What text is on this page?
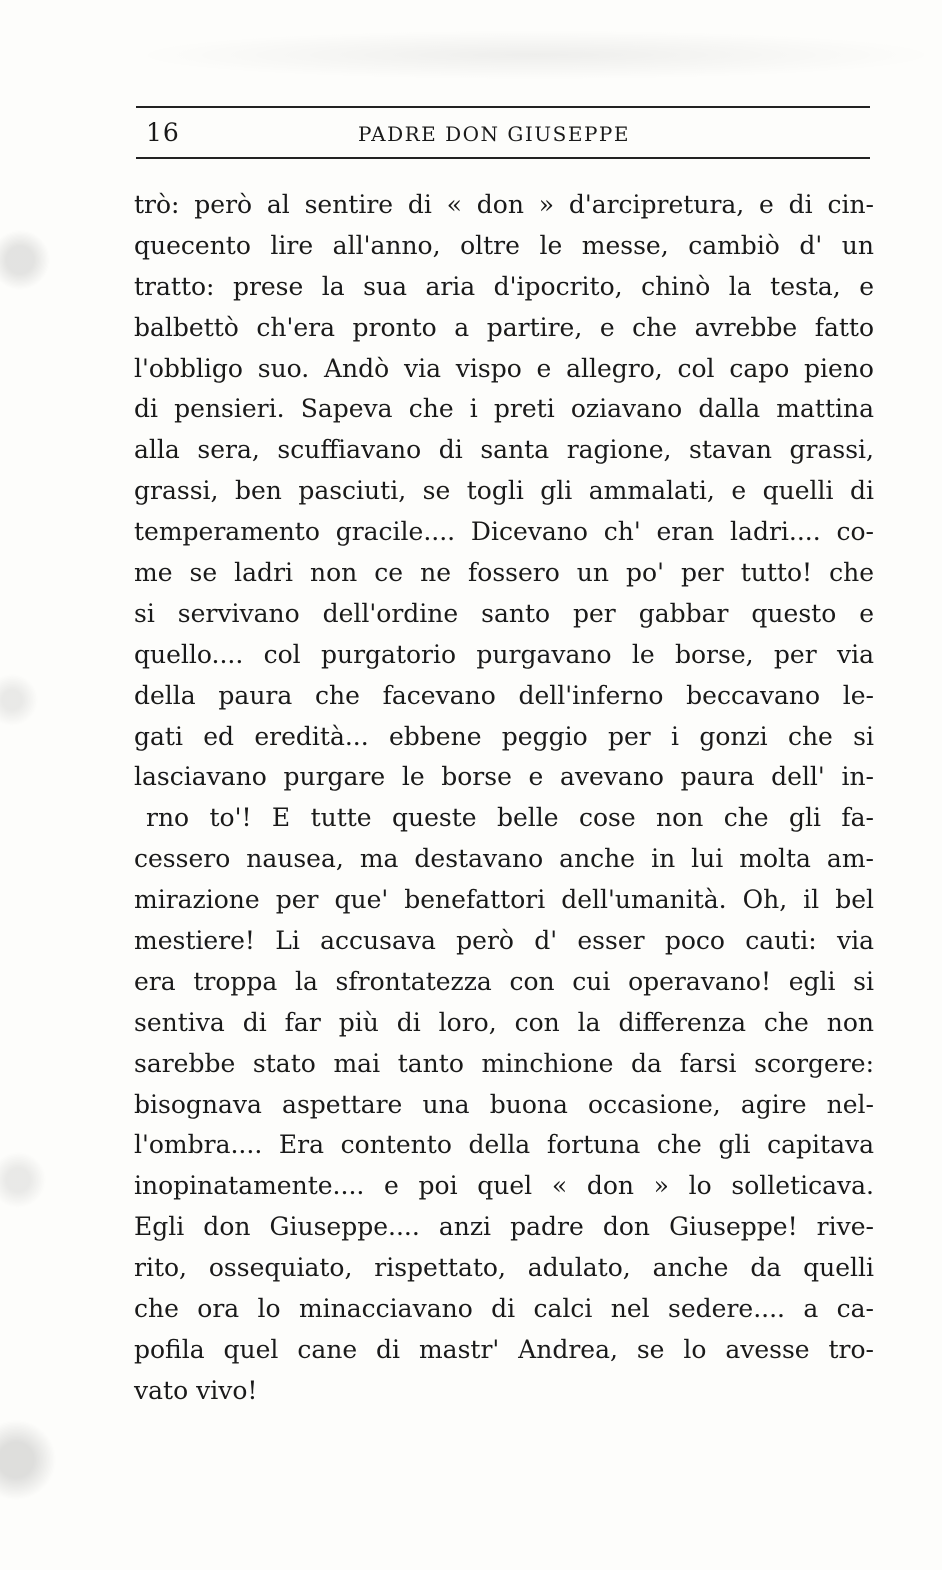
16	PADRE DON GIUSEPPE
trò: però al sentire di « don » d'arcipretura, e di cin-
quecento lire all'anno, oltre le messe, cambiò d' un
tratto: prese la sua aria d'ipocrito, chinò la testa, e
balbettò ch'era pronto a partire, e che avrebbe fatto
l'obbligo suo. Andò via vispo e allegro, col capo pieno
di pensieri. Sapeva che i preti oziavano dalla mattina
alla sera, scuffiavano di santa ragione, stavan grassi,
grassi, ben pasciuti, se togli gli ammalati, e quelli di
temperamento gracile.... Dicevano ch' eran ladri.... co-
me se ladri non ce ne fossero un po' per tutto! che
si servivano dell'ordine santo per gabbar questo e
quello.... col purgatorio purgavano le borse, per via
della paura che facevano dell'inferno beccavano le-
gati ed eredità... ebbene peggio per i gonzi che si
lasciavano purgare le borse e avevano paura dell' in-
rno to'! E tutte queste belle cose non che gli fa-
cessero nausea, ma destavano anche in lui molta am-
mirazione per que' benefattori dell'umanità. Oh, il bel
mestiere! Li accusava però d' esser poco cauti: via
era troppa la sfrontatezza con cui operavano! egli si
sentiva di far più di loro, con la differenza che non
sarebbe stato mai tanto minchione da farsi scorgere:
bisognava aspettare una buona occasione, agire nel-
l'ombra.... Era contento della fortuna che gli capitava
inopinatamente.... e poi quel « don » lo solleticava.
Egli don Giuseppe.... anzi padre don Giuseppe! rive-
rito, ossequiato, rispettato, adulato, anche da quelli
che ora lo minacciavano di calci nel sedere.... a ca-
pofila quel cane di mastr' Andrea, se lo avesse tro-
vato vivo!
